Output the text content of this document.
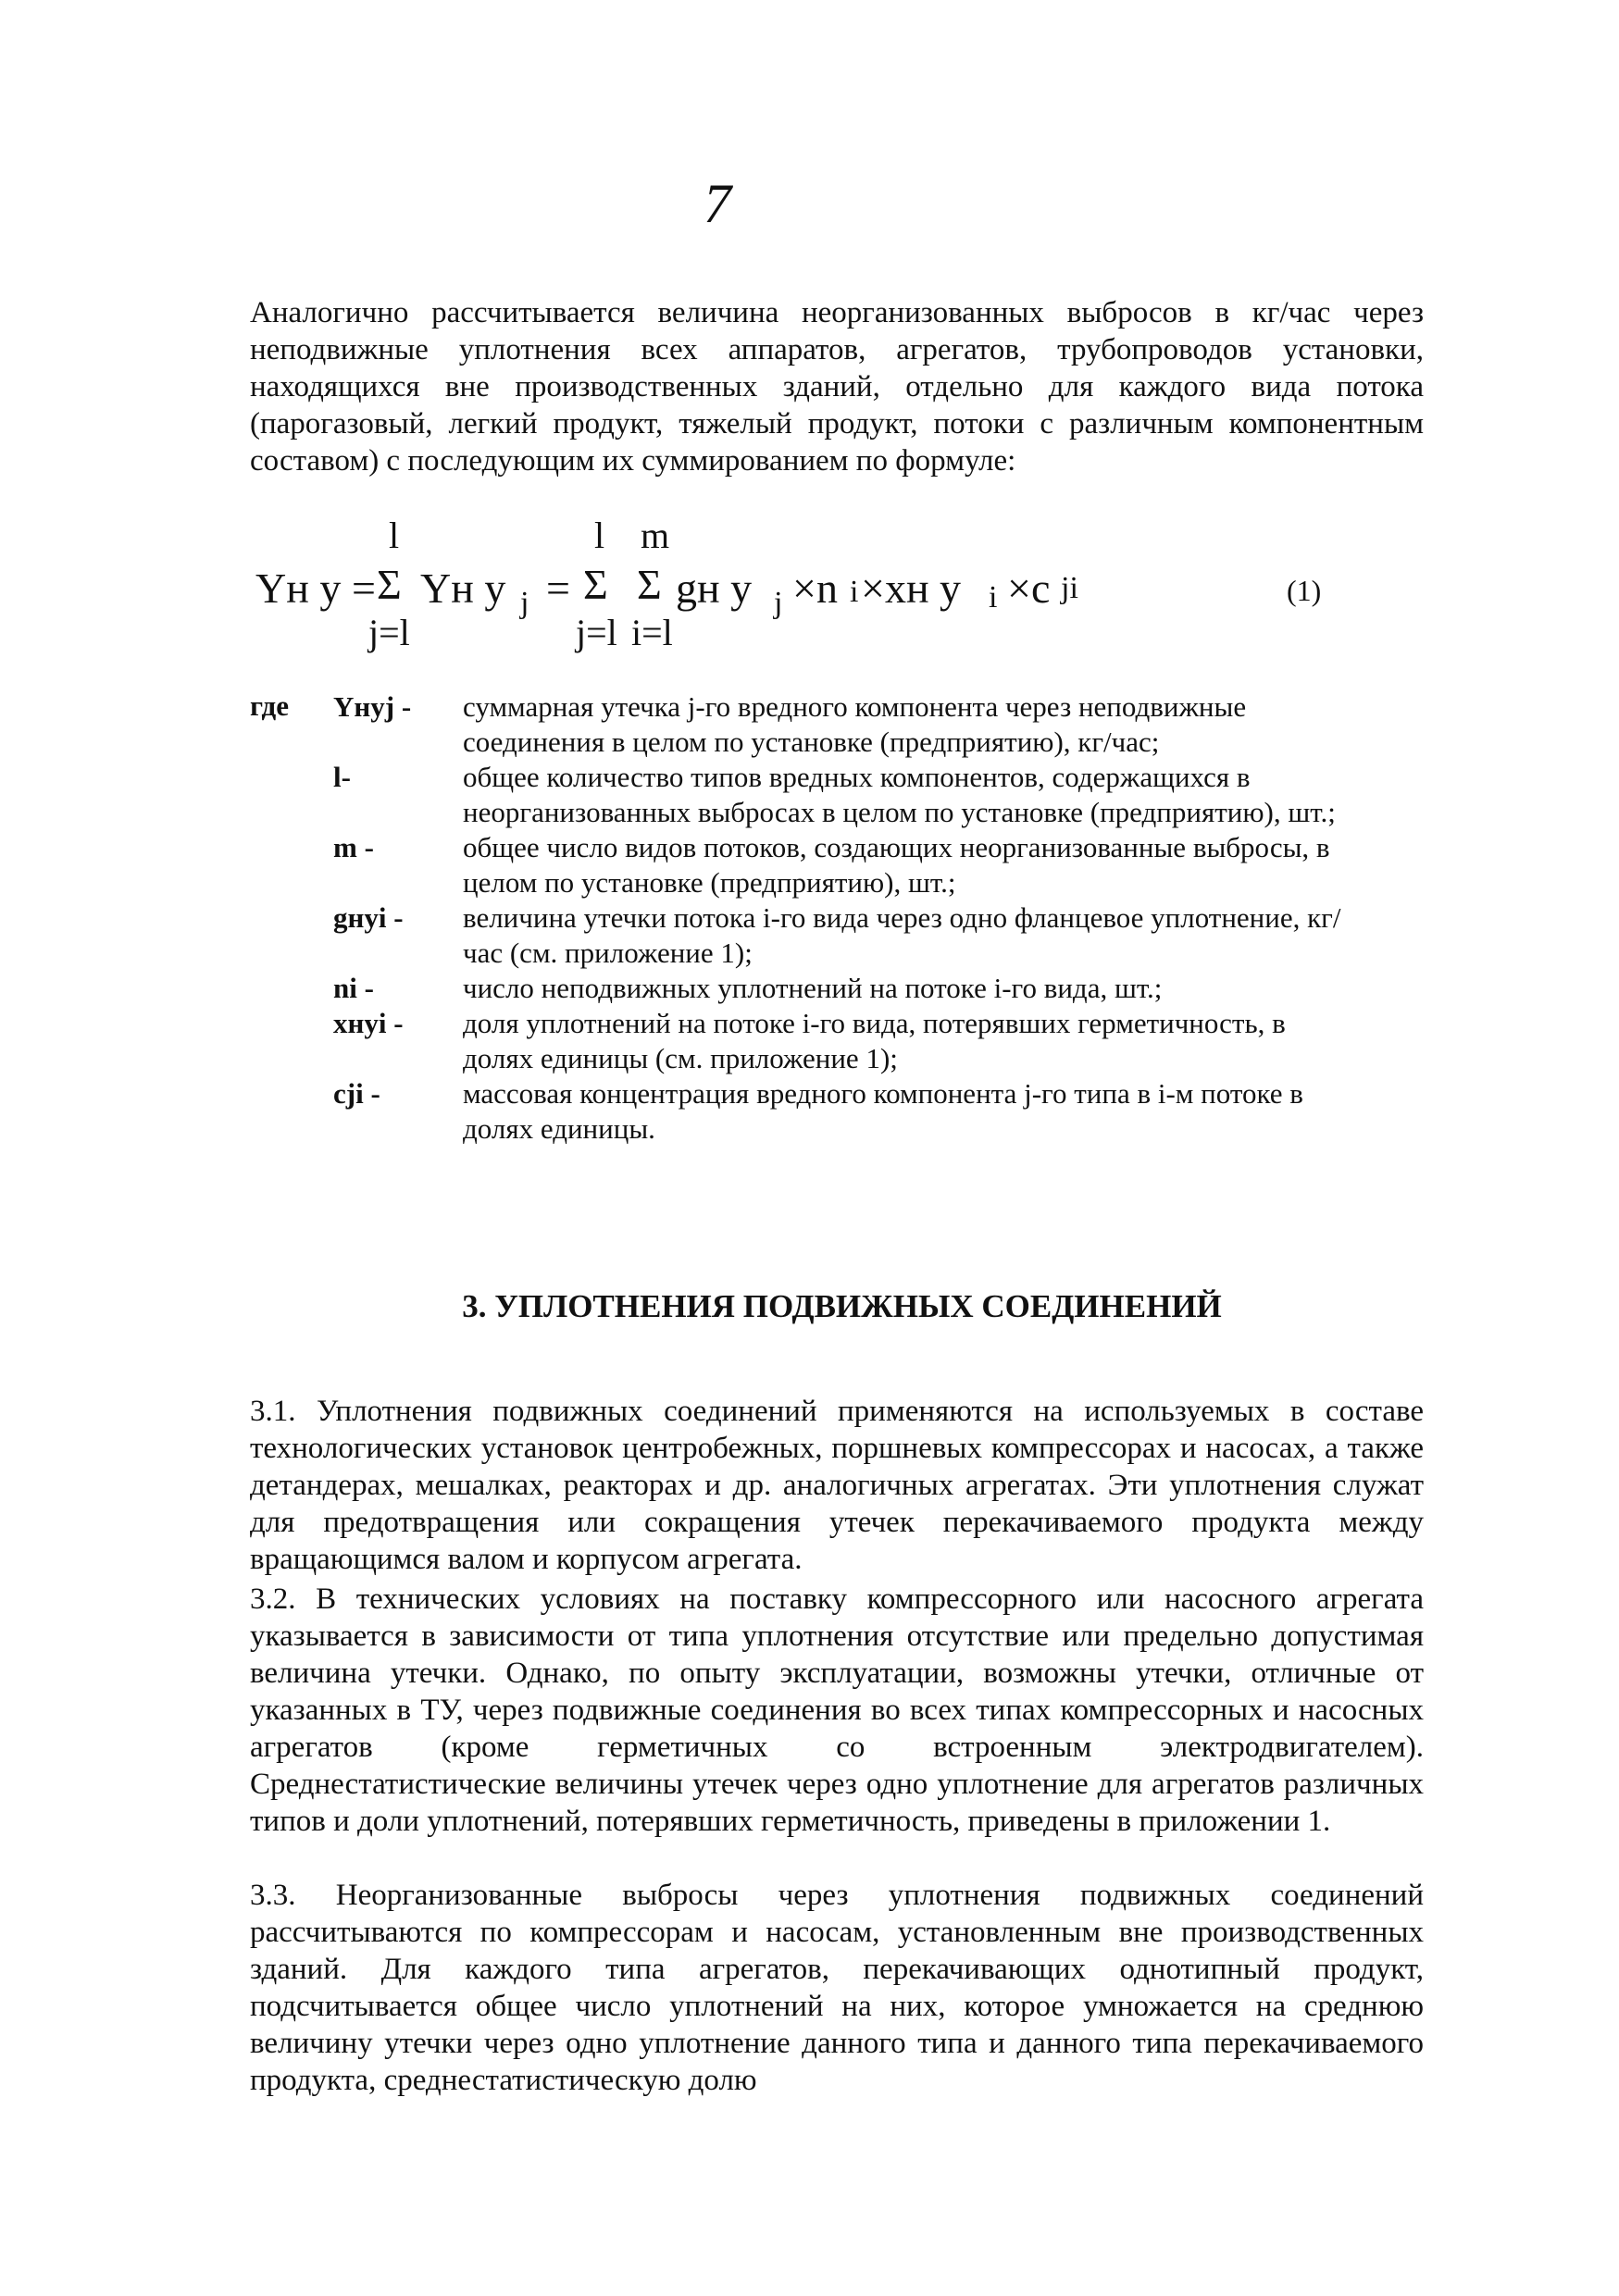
7

Аналогично рассчитывается величина неорганизованных выбросов в кг/час через неподвижные уплотнения всех аппаратов, агрегатов, трубопроводов установки, находящихся вне производственных зданий, отдельно для каждого вида потока (парогазовый, легкий продукт, тяжелый продукт, потоки с различным компонентным составом) с последующим их суммированием по формуле:

Yн у =
l
Σ
j=l
Yн y j =
l
Σ
j=l
m
Σ
i=l
gн y j ×n i ×xн y i ×c ji	(1)
где Yнуj -	суммарная утечка j-го вредного компонента через неподвижные соединения в целом по установке (предприятию), кг/час;
l-	общее количество типов вредных компонентов, содержащихся в неорганизованных выбросах в целом по установке (предприятию), шт.;
m -	общее число видов потоков, создающих неорганизованные выбросы, в целом по установке (предприятию), шт.;
gнуi -	величина утечки потока i-го вида через одно фланцевое уплотнение, кг/час (см. приложение 1);
ni -	число неподвижных уплотнений на потоке i-го вида, шт.;
xнуi -	доля уплотнений на потоке i-го вида, потерявших герметичность, в долях единицы (см. приложение 1);
cji -	массовая концентрация вредного компонента j-го типа в i-м потоке в долях единицы.
3. УПЛОТНЕНИЯ ПОДВИЖНЫХ СОЕДИНЕНИЙ

3.1. Уплотнения подвижных соединений применяются на используемых в составе технологических установок центробежных, поршневых компрессорах и насосах, а также детандерах, мешалках, реакторах и др. аналогичных агрегатах. Эти уплотнения служат для предотвращения или сокращения утечек перекачиваемого продукта между вращающимся валом и корпусом агрегата.

3.2. В технических условиях на поставку компрессорного или насосного агрегата указывается в зависимости от типа уплотнения отсутствие или предельно допустимая величина утечки. Однако, по опыту эксплуатации, возможны утечки, отличные от указанных в ТУ, через подвижные соединения во всех типах компрессорных и насосных агрегатов (кроме герметичных со встроенным электродвигателем). Среднестатистические величины утечек через одно уплотнение для агрегатов различных типов и доли уплотнений, потерявших герметичность, приведены в приложении 1.

3.3. Неорганизованные выбросы через уплотнения подвижных соединений рассчитываются по компрессорам и насосам, установленным вне производственных зданий. Для каждого типа агрегатов, перекачивающих однотипный продукт, подсчитывается общее число уплотнений на них, которое умножается на среднюю величину утечки через одно уплотнение данного типа и данного типа перекачиваемого продукта, среднестатистическую долю
